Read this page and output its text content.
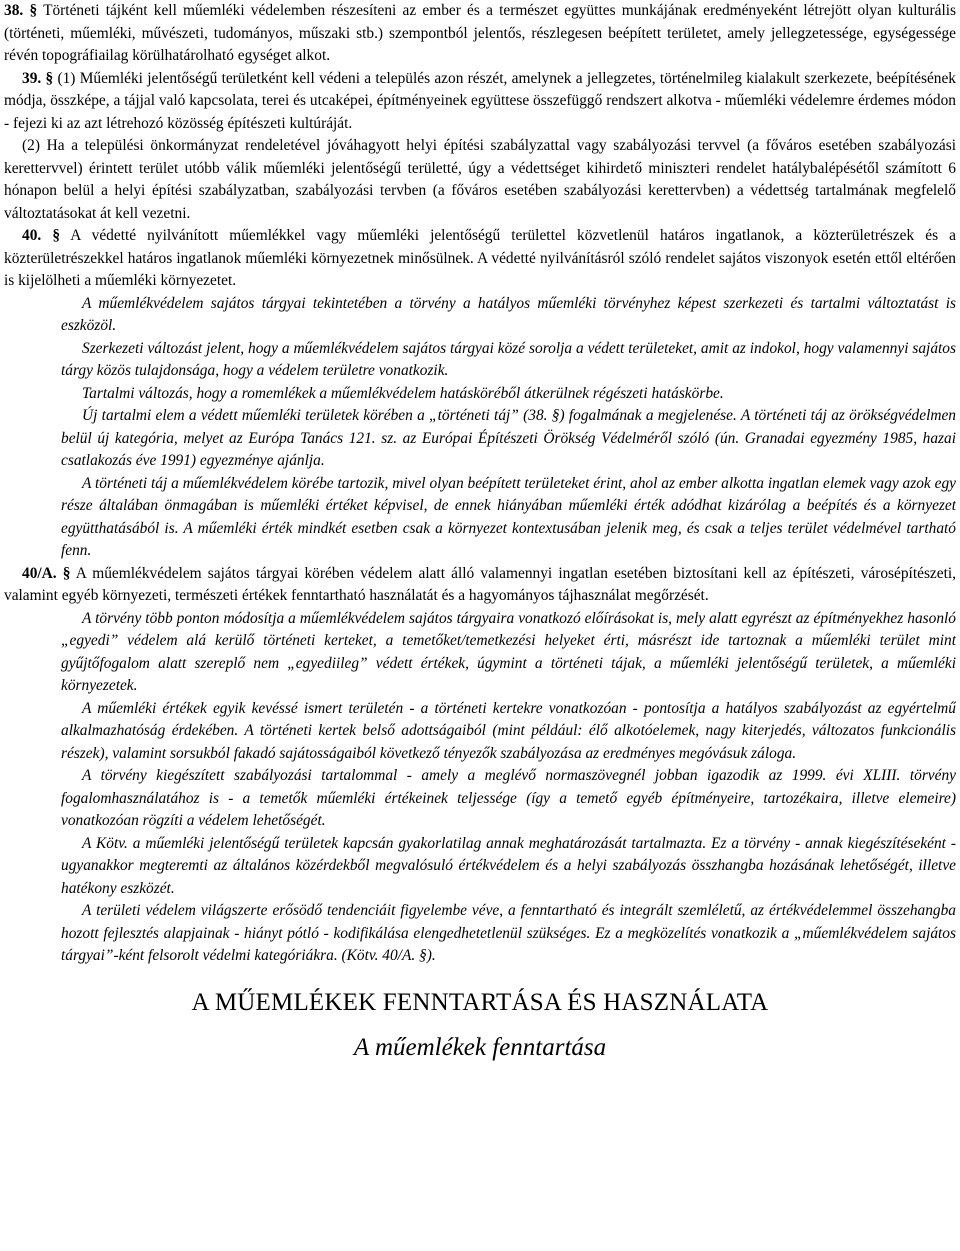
38. § Történeti tájként kell műemléki védelemben részesíteni az ember és a természet együttes munkájának eredményeként létrejött olyan kulturális (történeti, műemléki, művészeti, tudományos, műszaki stb.) szempontból jelentős, részlegesen beépített területet, amely jellegzetessége, egységessége révén topográfiailag körülhatárolható egységet alkot.

39. § (1) Műemléki jelentőségű területként kell védeni a település azon részét, amelynek a jellegzetes, történelmileg kialakult szerkezete, beépítésének módja, összképe, a tájjal való kapcsolata, terei és utcaképei, építményeinek együttese összefüggő rendszert alkotva - műemléki védelemre érdemes módon - fejezi ki az azt létrehozó közösség építészeti kultúráját.

(2) Ha a települési önkormányzat rendeletével jóváhagyott helyi építési szabályzattal vagy szabályozási tervvel (a főváros esetében szabályozási kerettervvel) érintett terület utóbb válik műemléki jelentőségű területté, úgy a védettséget kihirdető miniszteri rendelet hatálybalépésétől számított 6 hónapon belül a helyi építési szabályzatban, szabályozási tervben (a főváros esetében szabályozási kerettervben) a védettség tartalmának megfelelő változtatásokat át kell vezetni.

40. § A védetté nyilvánított műemlékkel vagy műemléki jelentőségű területtel közvetlenül határos ingatlanok, a közterületrészek és a közterületrészekkel határos ingatlanok műemléki környezetnek minősülnek. A védetté nyilvánításról szóló rendelet sajátos viszonyok esetén ettől eltérően is kijelölheti a műemléki környezetet.

A műemlékvédelem sajátos tárgyai tekintetében a törvény a hatályos műemléki törvényhez képest szerkezeti és tartalmi változtatást is eszközöl.

Szerkezeti változást jelent, hogy a műemlékvédelem sajátos tárgyai közé sorolja a védett területeket, amit az indokol, hogy valamennyi sajátos tárgy közös tulajdonsága, hogy a védelem területre vonatkozik.

Tartalmi változás, hogy a romemlékek a műemlékvédelem hatásköréből átkerülnek régészeti hatáskörbe.

Új tartalmi elem a védett műemléki területek körében a „történeti táj” (38. §) fogalmának a megjelenése. A történeti táj az örökségvédelmen belül új kategória, melyet az Európa Tanács 121. sz. az Európai Építészeti Örökség Védelméről szóló (ún. Granadai egyezmény 1985, hazai csatlakozás éve 1991) egyezménye ajánlja.

A történeti táj a műemlékvédelem körébe tartozik, mivel olyan beépített területeket érint, ahol az ember alkotta ingatlan elemek vagy azok egy része általában önmagában is műemléki értéket képvisel, de ennek hiányában műemléki érték adódhat kizárólag a beépítés és a környezet együtthatásából is. A műemléki érték mindkét esetben csak a környezet kontextusában jelenik meg, és csak a teljes terület védelmével tartható fenn.

40/A. § A műemlékvédelem sajátos tárgyai körében védelem alatt álló valamennyi ingatlan esetében biztosítani kell az építészeti, városépítészeti, valamint egyéb környezeti, természeti értékek fenntartható használatát és a hagyományos tájhasználat megőrzését.

A törvény több ponton módosítja a műemlékvédelem sajátos tárgyaira vonatkozó előírásokat is, mely alatt egyrészt az építményekhez hasonló „egyedi” védelem alá kerülő történeti kerteket, a temetőket/temetkezési helyeket érti, másrészt ide tartoznak a műemléki terület mint gyűjtőfogalom alatt szereplő nem „egyediileg” védett értékek, úgymint a történeti tájak, a műemléki jelentőségű területek, a műemléki környezetek.

A műemléki értékek egyik kevéssé ismert területén - a történeti kertekre vonatkozóan - pontosítja a hatályos szabályozást az egyértelmű alkalmazhatóság érdekében. A történeti kertek belső adottságaiból (mint például: élő alkotóelemek, nagy kiterjedés, változatos funkcionális részek), valamint sorsukból fakadó sajátosságaiból következő tényezők szabályozása az eredményes megóvásuk záloga.

A törvény kiegészített szabályozási tartalommal - amely a meglévő normaszövegnél jobban igazodik az 1999. évi XLIII. törvény fogalomhasználatához is - a temetők műemléki értékeinek teljessége (így a temető egyéb építményeire, tartozékaira, illetve elemeire) vonatkozóan rögzíti a védelem lehetőségét.

A Kötv. a műemléki jelentőségű területek kapcsán gyakorlatilag annak meghatározását tartalmazta. Ez a törvény - annak kiegészítéseként - ugyanakkor megteremti az általános közérdekből megvalósuló értékvédelem és a helyi szabályozás összhangba hozásának lehetőségét, illetve hatékony eszközét.

A területi védelem világszerte erősödő tendenciáit figyelembe véve, a fenntartható és integrált szemléletű, az értékvédelemmel összehangba hozott fejlesztés alapjainak - hiányt pótló - kodifikálása elengedhetetlenül szükséges. Ez a megközelítés vonatkozik a „műemlékvédelem sajátos tárgyai”-ként felsorolt védelmi kategóriákra. (Kötv. 40/A. §).

A MŰEMLÉKEK FENNTARTÁSA ÉS HASZNÁLATA

A műemlékek fenntartása
